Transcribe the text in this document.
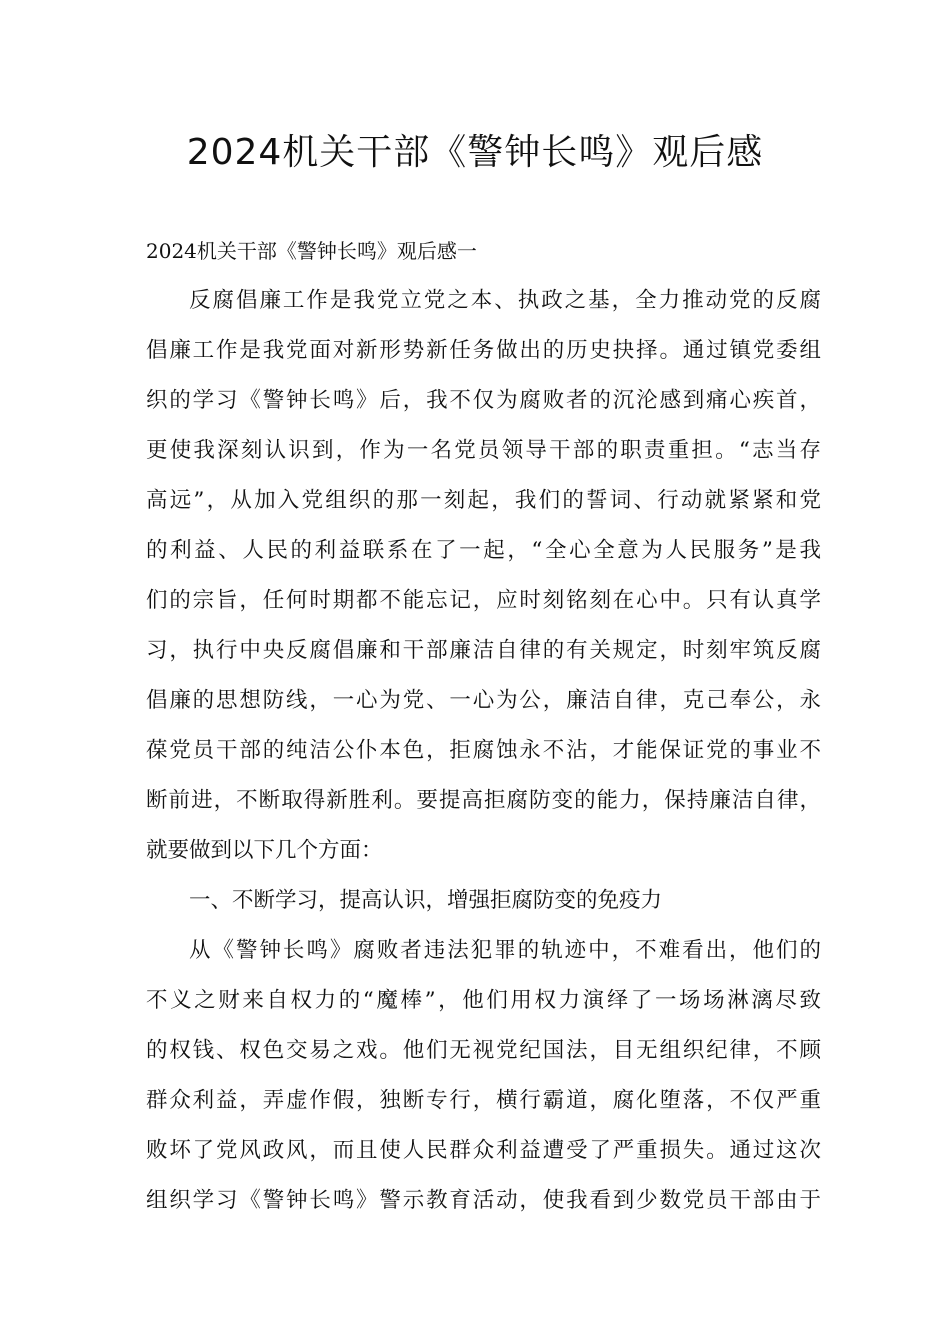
2024机关干部《警钟长鸣》观后感

2024机关干部《警钟长鸣》观后感一

反腐倡廉工作是我党立党之本、执政之基，全力推动党的反腐
倡廉工作是我党面对新形势新任务做出的历史抉择。通过镇党委组
织的学习《警钟长鸣》后，我不仅为腐败者的沉沦感到痛心疾首，
更使我深刻认识到，作为一名党员领导干部的职责重担。“志当存
高远”，从加入党组织的那一刻起，我们的誓词、行动就紧紧和党
的利益、人民的利益联系在了一起，“全心全意为人民服务”是我
们的宗旨，任何时期都不能忘记，应时刻铭刻在心中。只有认真学
习，执行中央反腐倡廉和干部廉洁自律的有关规定，时刻牢筑反腐
倡廉的思想防线，一心为党、一心为公，廉洁自律，克己奉公，永
葆党员干部的纯洁公仆本色，拒腐蚀永不沾，才能保证党的事业不
断前进，不断取得新胜利。要提高拒腐防变的能力，保持廉洁自律，
就要做到以下几个方面：
一、不断学习，提高认识，增强拒腐防变的免疫力
从《警钟长鸣》腐败者违法犯罪的轨迹中，不难看出，他们的
不义之财来自权力的“魔棒”，他们用权力演绎了一场场淋漓尽致
的权钱、权色交易之戏。他们无视党纪国法，目无组织纪律，不顾
群众利益，弄虚作假，独断专行，横行霸道，腐化堕落，不仅严重
败坏了党风政风，而且使人民群众利益遭受了严重损失。通过这次
组织学习《警钟长鸣》警示教育活动，使我看到少数党员干部由于
